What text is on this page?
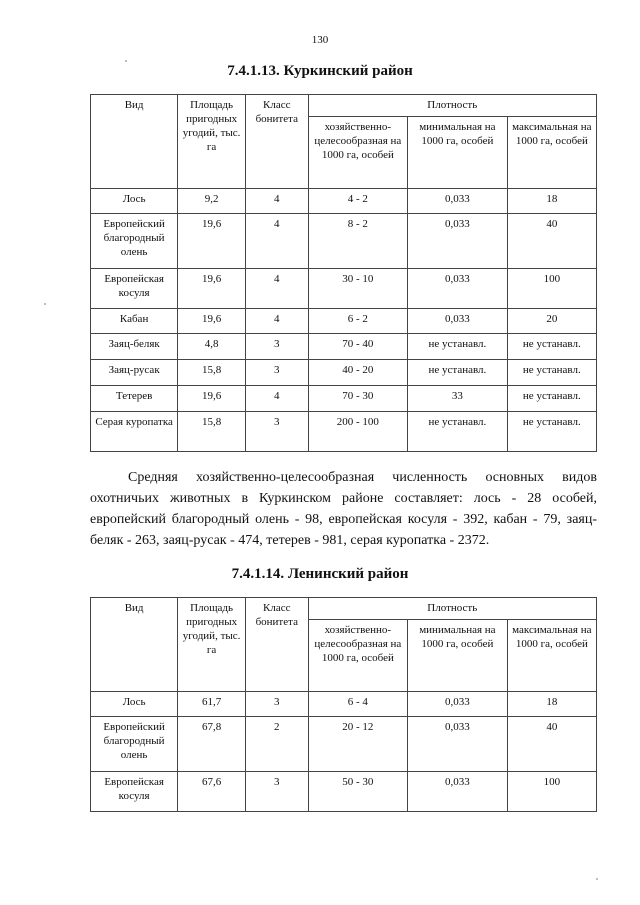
130
7.4.1.13. Куркинский район
Вид	Площадь пригодных угодий, тыс. га	Класс бонитета	Плотность		
			хозяйственно-целесообразная на 1000 га, особей	минимальная на 1000 га, особей	максимальная на 1000 га, особей
Лось	9,2	4	4 - 2	0,033	18
Европейский благородный олень	19,6	4	8 - 2	0,033	40
Европейская косуля	19,6	4	30 - 10	0,033	100
Кабан	19,6	4	6 - 2	0,033	20
Заяц-беляк	4,8	3	70 - 40	не устанавл.	не устанавл.
Заяц-русак	15,8	3	40 - 20	не устанавл.	не устанавл.
Тетерев	19,6	4	70 - 30	33	не устанавл.
Серая куропатка	15,8	3	200 - 100	не устанавл.	не устанавл.

Средняя хозяйственно-целесообразная численность основных видов охотничьих животных в Куркинском районе составляет: лось - 28 особей, европейский благородный олень - 98, европейская косуля - 392, кабан - 79, заяц-беляк - 263, заяц-русак - 474, тетерев - 981, серая куропатка - 2372.

7.4.1.14. Ленинский район
Вид	Площадь пригодных угодий, тыс. га	Класс бонитета	Плотность		
			хозяйственно-целесообразная на 1000 га, особей	минимальная на 1000 га, особей	максимальная на 1000 га, особей
Лось	61,7	3	6 - 4	0,033	18
Европейский благородный олень	67,8	2	20 - 12	0,033	40
Европейская косуля	67,6	3	50 - 30	0,033	100
